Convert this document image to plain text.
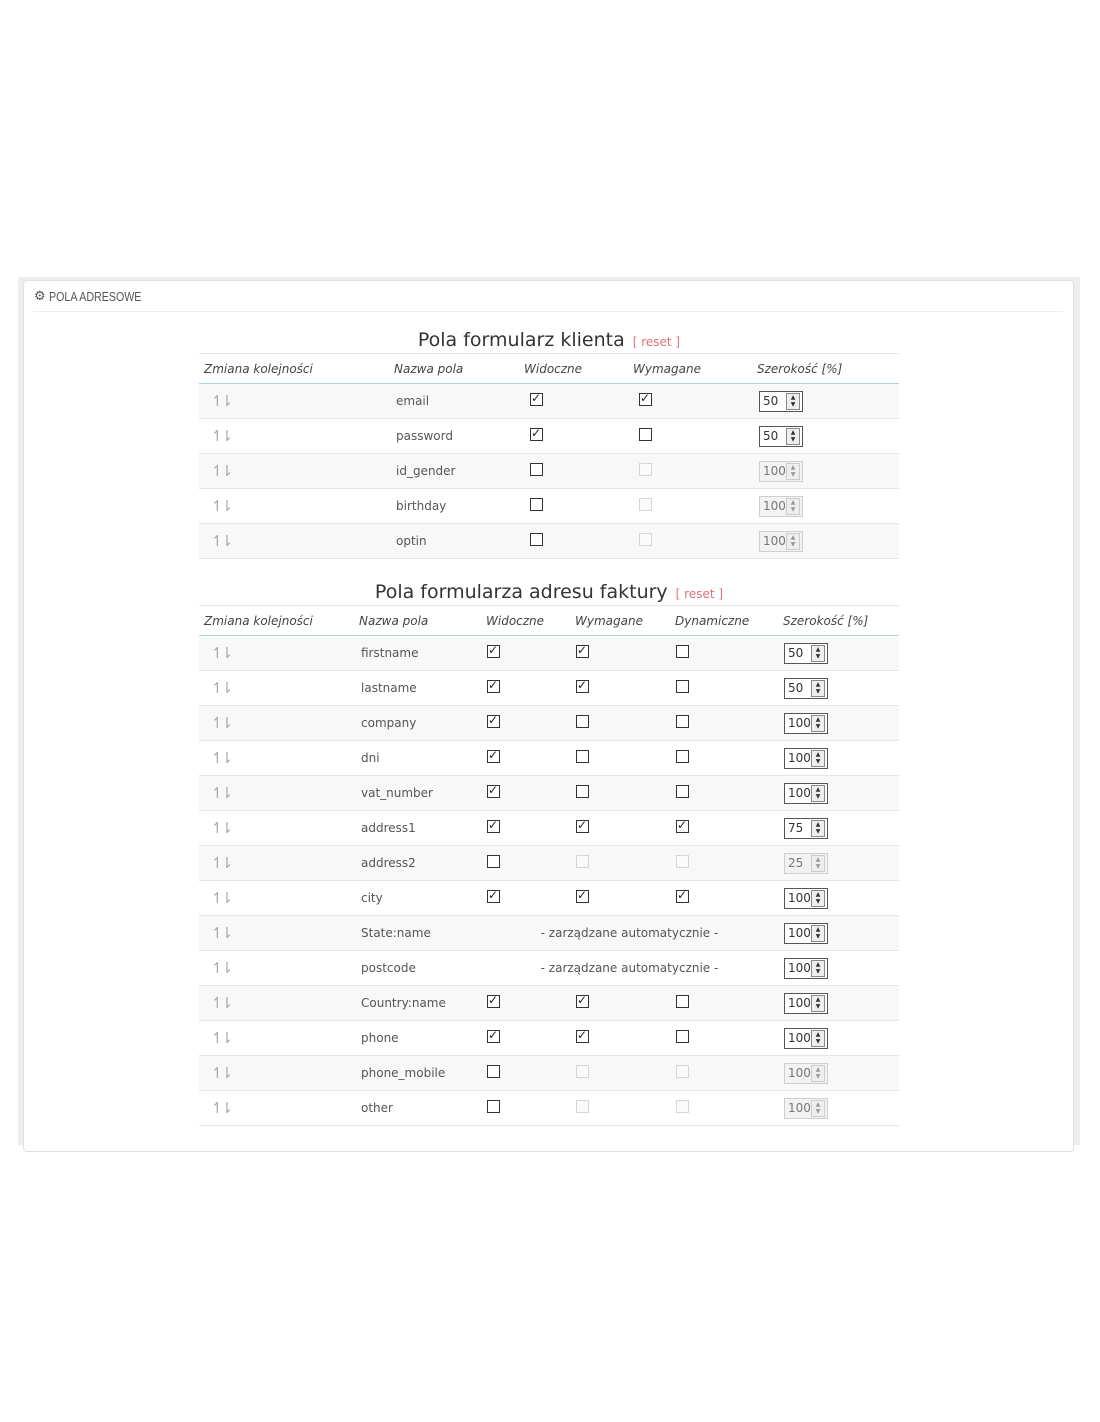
⚙ POLA ADRESOWE
Pola formularz klienta [ reset ]
Zmiana kolejności	Nazwa pola	Widoczne	Wymagane	Szerokość [%]
↿⇂	email	✓	✓	50 ▲
▼

↿⇂	password	✓		50 ▲
▼

↿⇂	id_gender			100 ▲
▼

↿⇂	birthday			100 ▲
▼

↿⇂	optin			100 ▲
▼
Pola formularza adresu faktury [ reset ]
Zmiana kolejności	Nazwa pola	Widoczne	Wymagane	Dynamiczne	Szerokość [%]
↿⇂	firstname	✓	✓		50 ▲
▼

↿⇂	lastname	✓	✓		50 ▲
▼

↿⇂	company	✓			100 ▲
▼

↿⇂	dni	✓			100 ▲
▼

↿⇂	vat_number	✓			100 ▲
▼

↿⇂	address1	✓	✓	✓	75 ▲
▼

↿⇂	address2				25 ▲
▼

↿⇂	city	✓	✓	✓	100 ▲
▼

↿⇂	State:name	- zarządzane automatycznie -			100 ▲
▼

↿⇂	postcode	- zarządzane automatycznie -			100 ▲
▼

↿⇂	Country:name	✓	✓		100 ▲
▼

↿⇂	phone	✓	✓		100 ▲
▼

↿⇂	phone_mobile				100 ▲
▼

↿⇂	other				100 ▲
▼
